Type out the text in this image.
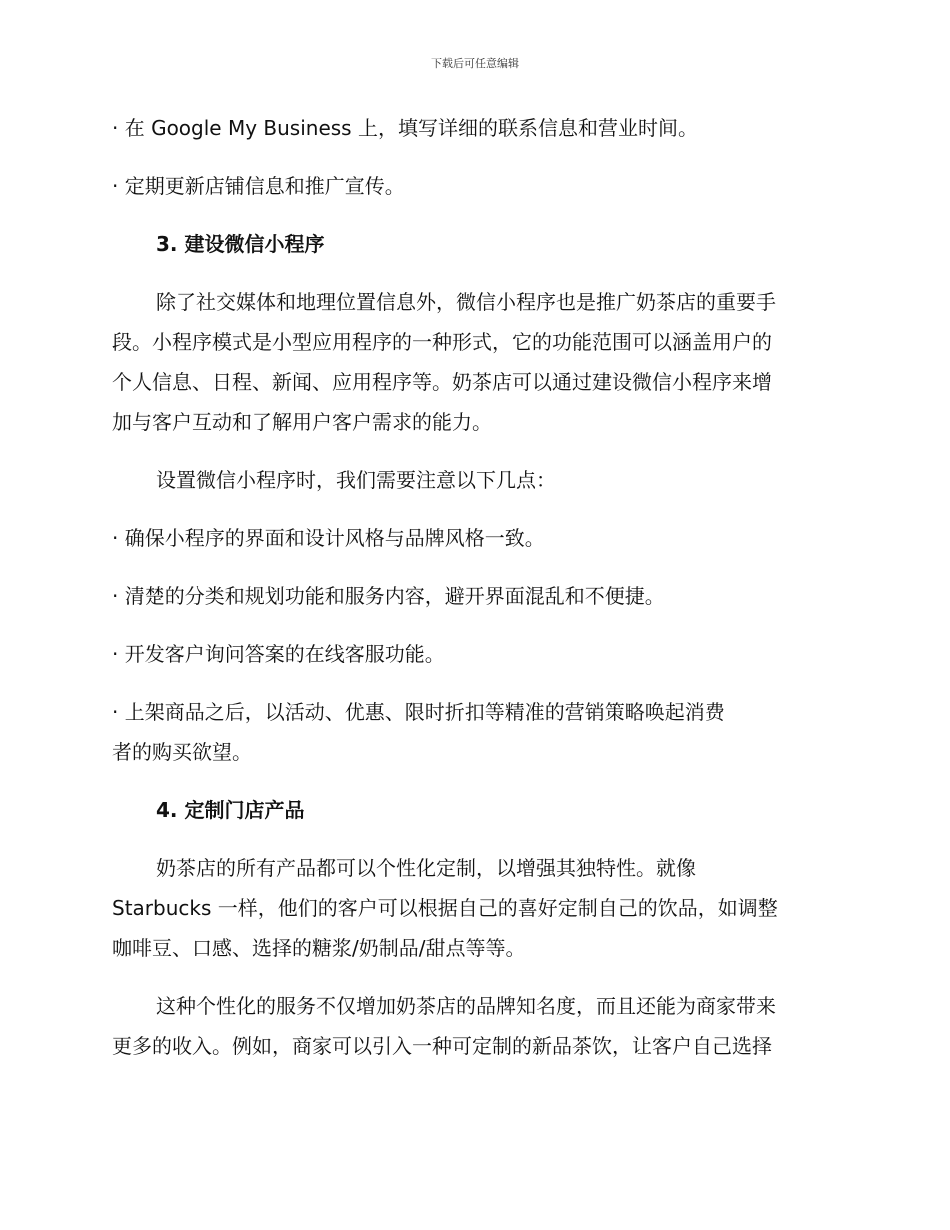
下载后可任意编辑
· 在 Google My Business 上，填写详细的联系信息和营业时间。
· 定期更新店铺信息和推广宣传。
3. 建设微信小程序
除了社交媒体和地理位置信息外，微信小程序也是推广奶茶店的重要手
段。小程序模式是小型应用程序的一种形式，它的功能范围可以涵盖用户的
个人信息、日程、新闻、应用程序等。奶茶店可以通过建设微信小程序来增
加与客户互动和了解用户客户需求的能力。
设置微信小程序时，我们需要注意以下几点：
· 确保小程序的界面和设计风格与品牌风格一致。
· 清楚的分类和规划功能和服务内容，避开界面混乱和不便捷。
· 开发客户询问答案的在线客服功能。
· 上架商品之后，以活动、优惠、限时折扣等精准的营销策略唤起消费
者的购买欲望。
4. 定制门店产品
奶茶店的所有产品都可以个性化定制，以增强其独特性。就像
Starbucks 一样，他们的客户可以根据自己的喜好定制自己的饮品，如调整
咖啡豆、口感、选择的糖浆/奶制品/甜点等等。
这种个性化的服务不仅增加奶茶店的品牌知名度，而且还能为商家带来
更多的收入。例如，商家可以引入一种可定制的新品茶饮，让客户自己选择
